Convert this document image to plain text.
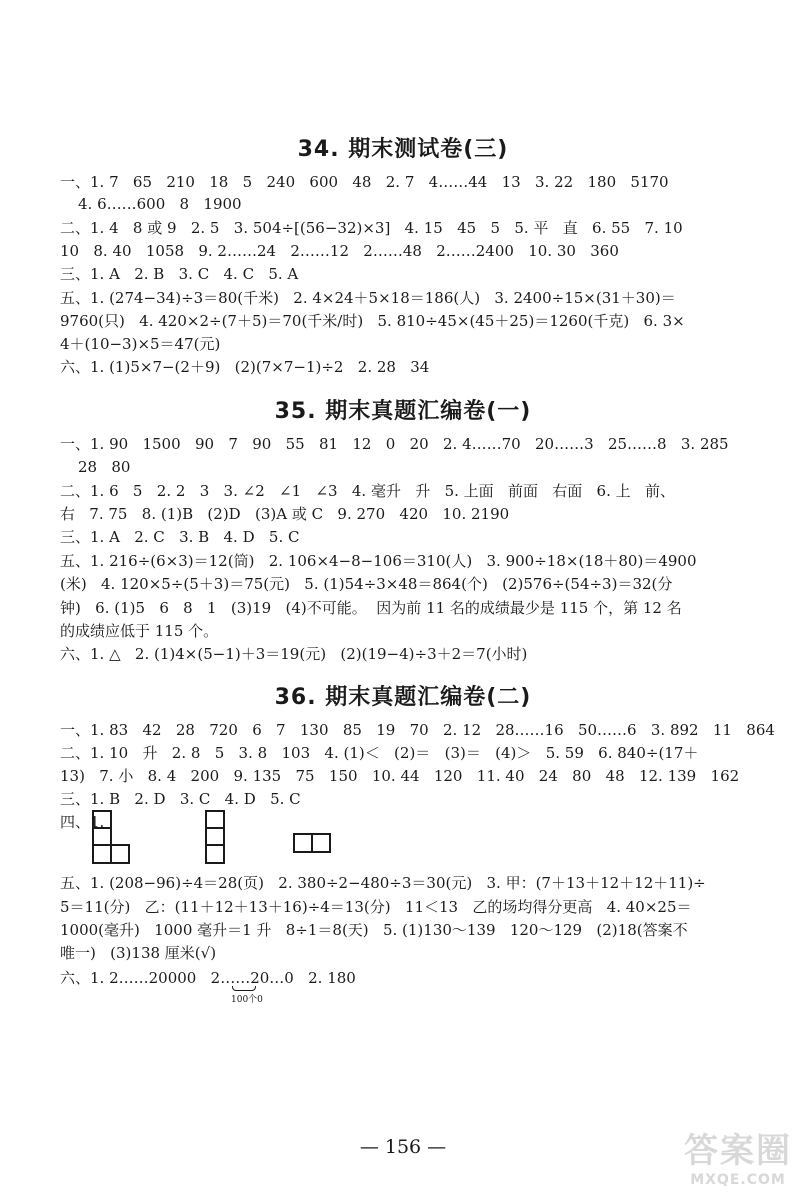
34. 期末测试卷(三)
一、1. 7   65   210   18   5   240   600   48   2. 7   4……44   13   3. 22   180   5170
4. 6……600   8   1900
二、1. 4   8 或 9   2. 5   3. 504÷[(56−32)×3]   4. 15   45   5   5. 平   直   6. 55   7. 10
10   8. 40   1058   9. 2……24   2……12   2……48   2……2400   10. 30   360
三、1. A   2. B   3. C   4. C   5. A
五、1. (274−34)÷3＝80(千米)   2. 4×24＋5×18＝186(人)   3. 2400÷15×(31＋30)＝
9760(只)   4. 420×2÷(7＋5)＝70(千米/时)   5. 810÷45×(45＋25)＝1260(千克)   6. 3×
4＋(10−3)×5＝47(元)
六、1. (1)5×7−(2＋9)   (2)(7×7−1)÷2   2. 28   34
35. 期末真题汇编卷(一)
一、1. 90   1500   90   7   90   55   81   12   0   20   2. 4……70   20……3   25……8   3. 285
28   80
二、1. 6   5   2. 2   3   3. ∠2   ∠1   ∠3   4. 毫升   升   5. 上面   前面   右面   6. 上   前、
右   7. 75   8. (1)B   (2)D   (3)A 或 C   9. 270   420   10. 2190
三、1. A   2. C   3. B   4. D   5. C
五、1. 216÷(6×3)＝12(筒)   2. 106×4−8−106＝310(人)   3. 900÷18×(18＋80)＝4900
(米)   4. 120×5÷(5＋3)＝75(元)   5. (1)54÷3×48＝864(个)   (2)576÷(54÷3)＝32(分
钟)   6. (1)5   6   8   1   (3)19   (4)不可能。  因为前 11 名的成绩最少是 115 个，第 12 名
的成绩应低于 115 个。
六、1. △   2. (1)4×(5−1)＋3＝19(元)   (2)(19−4)÷3＋2＝7(小时)
36. 期末真题汇编卷(二)
一、1. 83   42   28   720   6   7   130   85   19   70   2. 12   28……16   50……6   3. 892   11   864
二、1. 10   升   2. 8   5   3. 8   103   4. (1)＜   (2)＝   (3)＝   (4)＞   5. 59   6. 840÷(17＋
13)   7. 小   8. 4   200   9. 135   75   150   10. 44   120   11. 40   24   80   48   12. 139   162
三、1. B   2. D   3. C   4. D   5. C
四、1.
五、1. (208−96)÷4＝28(页)   2. 380÷2−480÷3＝30(元)   3. 甲：(7＋13＋12＋12＋11)÷
5＝11(分)   乙：(11＋12＋13＋16)÷4＝13(分)   11＜13   乙的场均得分更高   4. 40×25＝
1000(毫升)   1000 毫升＝1 升   8÷1＝8(天)   5. (1)130～139   120～129   (2)18(答案不
唯一)   (3)138 厘米(√)
六、1. 2……20000   2……20…0   2. 180
100个0
— 156 —	答案圈
MXQE.COM
